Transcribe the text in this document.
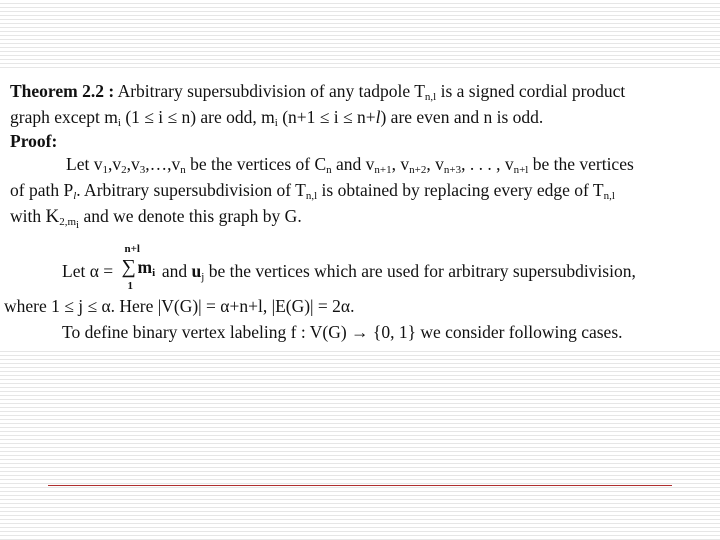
Theorem 2.2 : Arbitrary supersubdivision of any tadpole $T_{n,l}$ is a signed cordial product
graph except $m_i$ (1 ≤ i ≤ n) are odd, $m_i$ (n+1 ≤ i ≤ n+l) are even and n is odd.
Proof:
Let $v_1,v_2,v_3,\dots,v_n$ be the vertices of $C_n$ and $v_{n+1}$, $v_{n+2}$, $v_{n+3}$, . . . , $v_{n+l}$ be the vertices
of path $P_l$. Arbitrary supersubdivision of $T_{n,l}$ is obtained by replacing every edge of $T_{n,l}$
with $K_{2,m_i}$ and we denote this graph by G.
Let α =
n+l
∑ $m_i$
1
and $u_j$ be the vertices which are used for arbitrary supersubdivision,
where 1 ≤ j ≤ α. Here |V(G)| = α+n+l, |E(G)| = 2α.
To define binary vertex labeling f : V(G) → {0, 1} we consider following cases.
